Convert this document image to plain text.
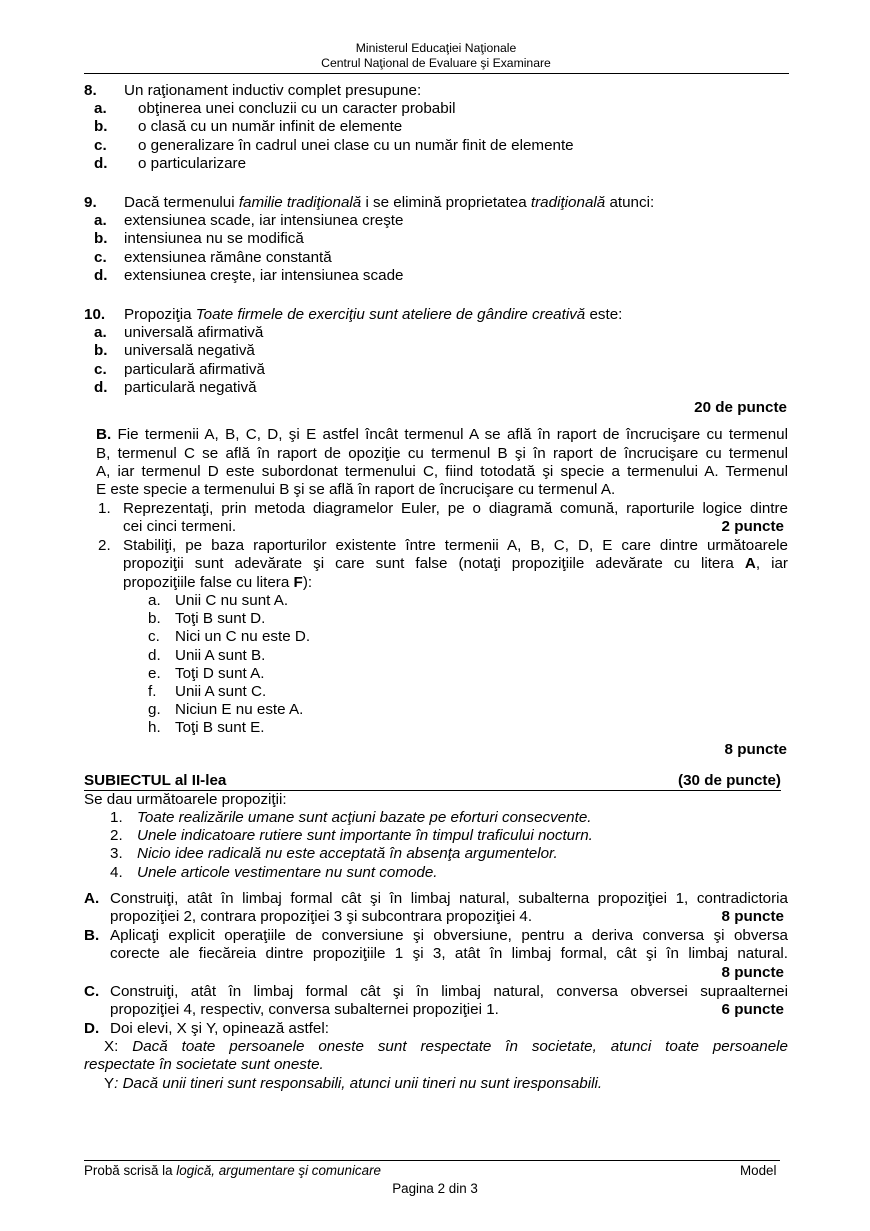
Ministerul Educaţiei Naţionale
Centrul Naţional de Evaluare şi Examinare
8. Un raţionament inductiv complet presupune:
a. obţinerea unei concluzii cu un caracter probabil
b. o clasă cu un număr infinit de elemente
c. o generalizare în cadrul unei clase cu un număr finit de elemente
d. o particularizare
9. Dacă termenului familie tradiţională i se elimină proprietatea tradiţională atunci:
a. extensiunea scade, iar intensiunea creşte
b. intensiunea nu se modifică
c. extensiunea rămâne constantă
d. extensiunea creşte, iar intensiunea scade
10. Propoziţia Toate firmele de exerciţiu sunt ateliere de gândire creativă este:
a. universală afirmativă
b. universală negativă
c. particulară afirmativă
d. particulară negativă
20 de puncte
B. Fie termenii A, B, C, D, şi E astfel încât termenul A se află în raport de încrucişare cu termenul
B, termenul C se află în raport de opoziţie cu termenul B şi în raport de încrucişare cu termenul
A, iar termenul D este subordonat termenului C, fiind totodată şi specie a termenului A. Termenul
E este specie a termenului B şi se află în raport de încrucişare cu termenul A.
1. Reprezentaţi, prin metoda diagramelor Euler, pe o diagramă comună, raporturile logice dintre
cei cinci termeni.	2 puncte
2. Stabiliţi, pe baza raporturilor existente între termenii A, B, C, D, E care dintre următoarele
propoziţii sunt adevărate şi care sunt false (notaţi propoziţiile adevărate cu litera A, iar
propoziţiile false cu litera F):
a. Unii C nu sunt A.
b. Toţi B sunt D.
c. Nici un C nu este D.
d. Unii A sunt B.
e. Toţi D sunt A.
f. Unii A sunt C.
g. Niciun E nu este A.
h. Toţi B sunt E.
8 puncte
SUBIECTUL al II-lea	(30 de puncte)
Se dau următoarele propoziţii:
1. Toate realizările umane sunt acţiuni bazate pe eforturi consecvente.
2. Unele indicatoare rutiere sunt importante în timpul traficului nocturn.
3. Nicio idee radicală nu este acceptată în absenţa argumentelor.
4. Unele articole vestimentare nu sunt comode.
A. Construiţi, atât în limbaj formal cât şi în limbaj natural, subalterna propoziţiei 1, contradictoria
propoziţiei 2, contrara propoziţiei 3 şi subcontrara propoziţiei 4.	8 puncte
B. Aplicaţi explicit operaţiile de conversiune şi obversiune, pentru a deriva conversa şi obversa
corecte ale fiecăreia dintre propoziţiile 1 şi 3, atât în limbaj formal, cât şi în limbaj natural.
8 puncte
C. Construiţi, atât în limbaj formal cât şi în limbaj natural, conversa obversei supraalternei
propoziţiei 4, respectiv, conversa subalternei propoziţiei 1.	6 puncte
D. Doi elevi, X şi Y, opinează astfel:
X: Dacă toate persoanele oneste sunt respectate în societate, atunci toate persoanele
respectate în societate sunt oneste.
Y: Dacă unii tineri sunt responsabili, atunci unii tineri nu sunt iresponsabili.
Probă scrisă la logică, argumentare şi comunicare	Model
Pagina 2 din 3
